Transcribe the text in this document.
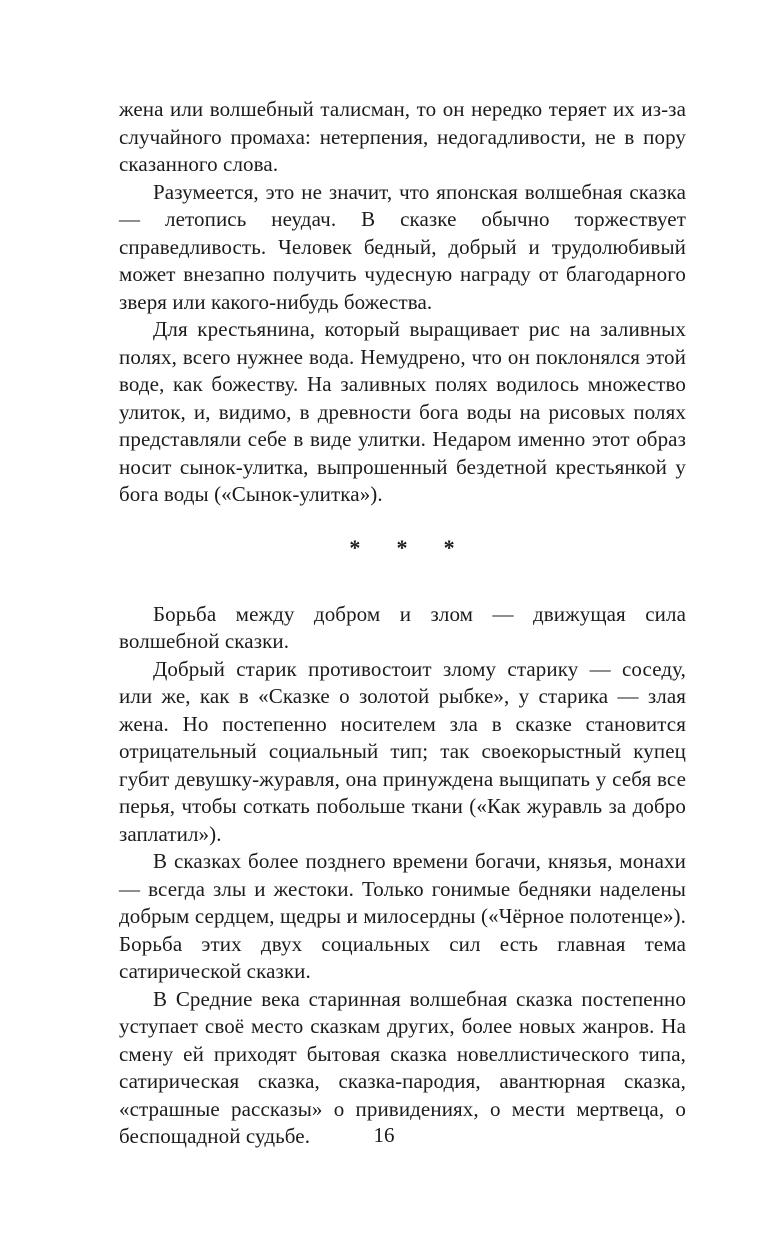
жена или волшебный талисман, то он нередко теряет их из-за случайного промаха: нетерпения, недогадливости, не в пору сказанного слова.

Разумеется, это не значит, что японская волшебная сказка — летопись неудач. В сказке обычно торжествует справедливость. Человек бедный, добрый и трудолюбивый может внезапно получить чудесную награду от благодарного зверя или какого-нибудь божества.

Для крестьянина, который выращивает рис на заливных полях, всего нужнее вода. Немудрено, что он поклонялся этой воде, как божеству. На заливных полях водилось множество улиток, и, видимо, в древности бога воды на рисовых полях представляли себе в виде улитки. Недаром именно этот образ носит сынок-улитка, выпрошенный бездетной крестьянкой у бога воды («Сынок-улитка»).

* * *

Борьба между добром и злом — движущая сила волшебной сказки.

Добрый старик противостоит злому старику — соседу, или же, как в «Сказке о золотой рыбке», у старика — злая жена. Но постепенно носителем зла в сказке становится отрицательный социальный тип; так своекорыстный купец губит девушку-журавля, она принуждена выщипать у себя все перья, чтобы соткать побольше ткани («Как журавль за добро заплатил»).

В сказках более позднего времени богачи, князья, монахи — всегда злы и жестоки. Только гонимые бедняки наделены добрым сердцем, щедры и милосердны («Чёрное полотенце»). Борьба этих двух социальных сил есть главная тема сатирической сказки.

В Средние века старинная волшебная сказка постепенно уступает своё место сказкам других, более новых жанров. На смену ей приходят бытовая сказка новеллистического типа, сатирическая сказка, сказка-пародия, авантюрная сказка, «страшные рассказы» о привидениях, о мести мертвеца, о беспощадной судьбе.	16
